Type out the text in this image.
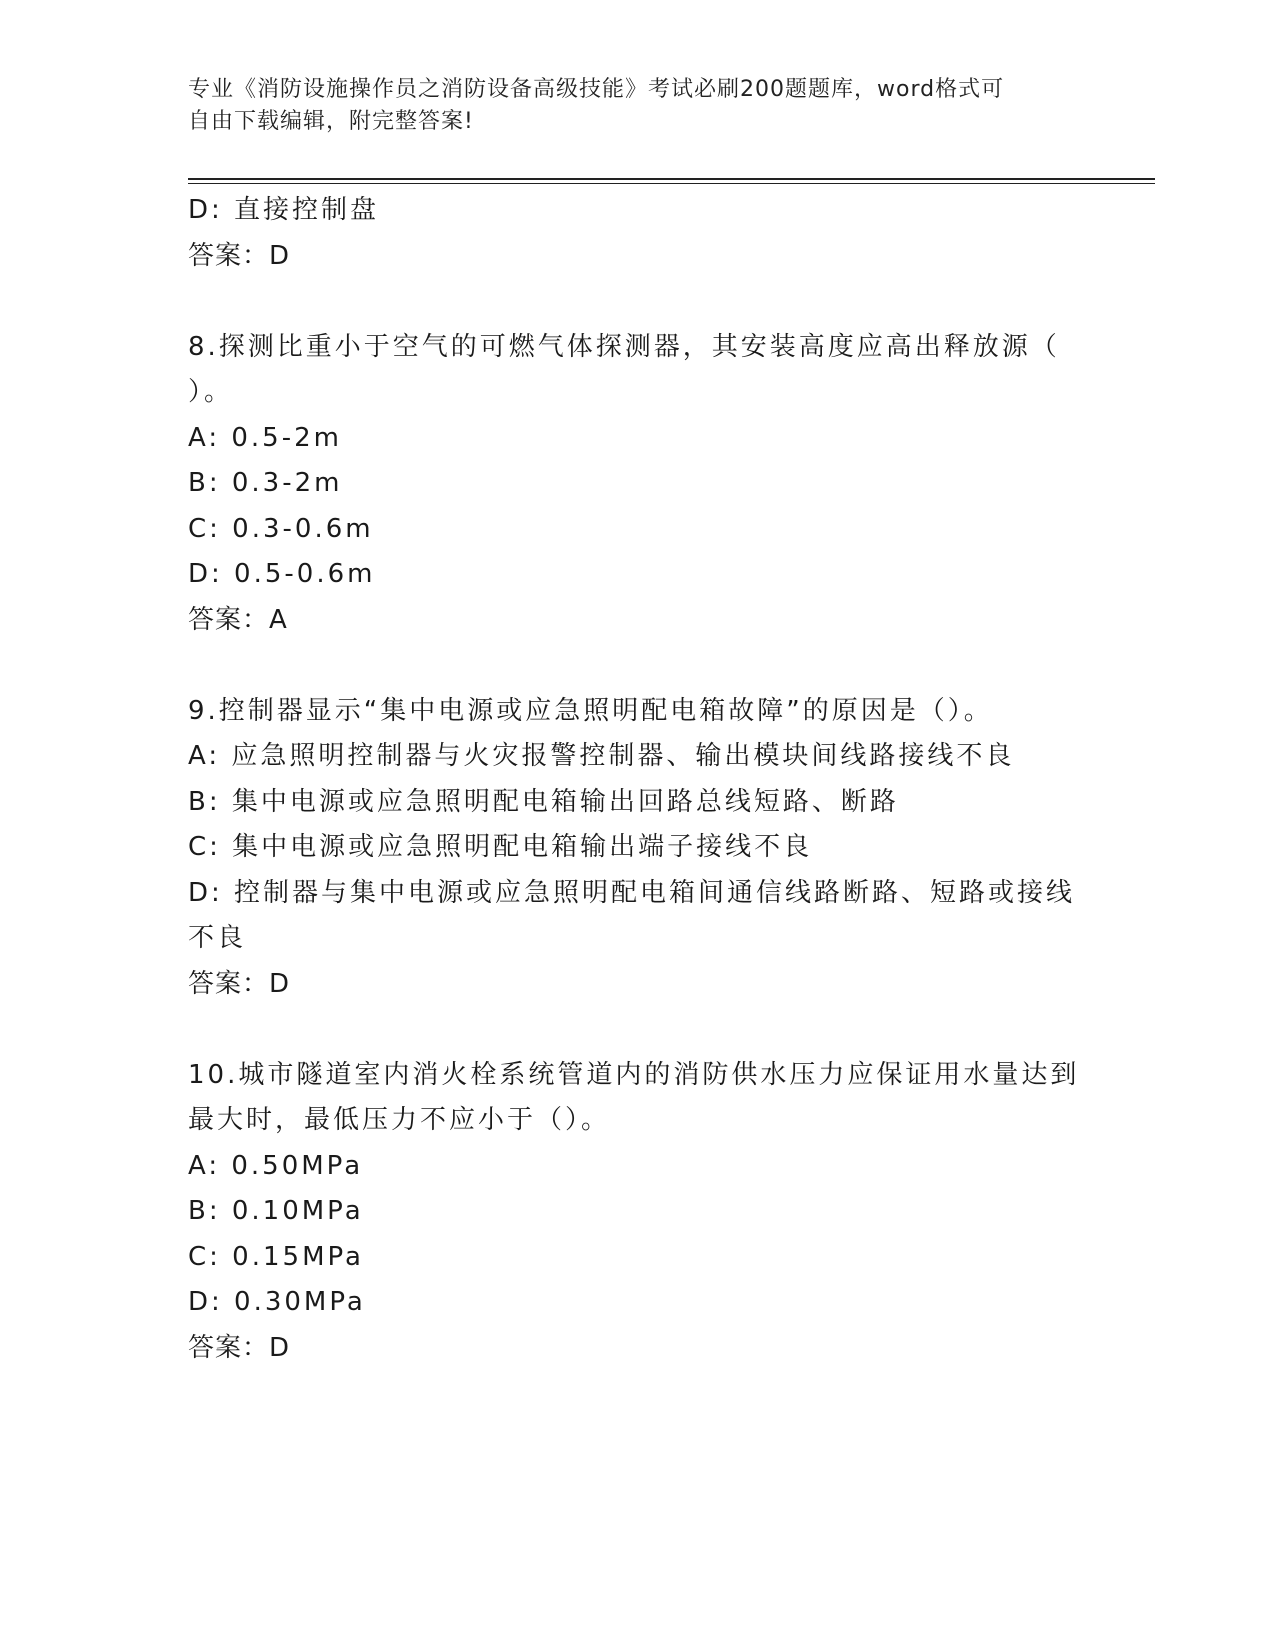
专业《消防设施操作员之消防设备高级技能》考试必刷200题题库，word格式可
自由下载编辑，附完整答案!
D: 直接控制盘
答案：D
8.探测比重小于空气的可燃气体探测器，其安装高度应高出释放源（
）。
A: 0.5-2m
B: 0.3-2m
C: 0.3-0.6m
D: 0.5-0.6m
答案：A
9.控制器显示“集中电源或应急照明配电箱故障”的原因是（）。
A: 应急照明控制器与火灾报警控制器、输出模块间线路接线不良
B: 集中电源或应急照明配电箱输出回路总线短路、断路
C: 集中电源或应急照明配电箱输出端子接线不良
D: 控制器与集中电源或应急照明配电箱间通信线路断路、短路或接线
不良
答案：D
10.城市隧道室内消火栓系统管道内的消防供水压力应保证用水量达到
最大时，最低压力不应小于（）。
A: 0.50MPa
B: 0.10MPa
C: 0.15MPa
D: 0.30MPa
答案：D
